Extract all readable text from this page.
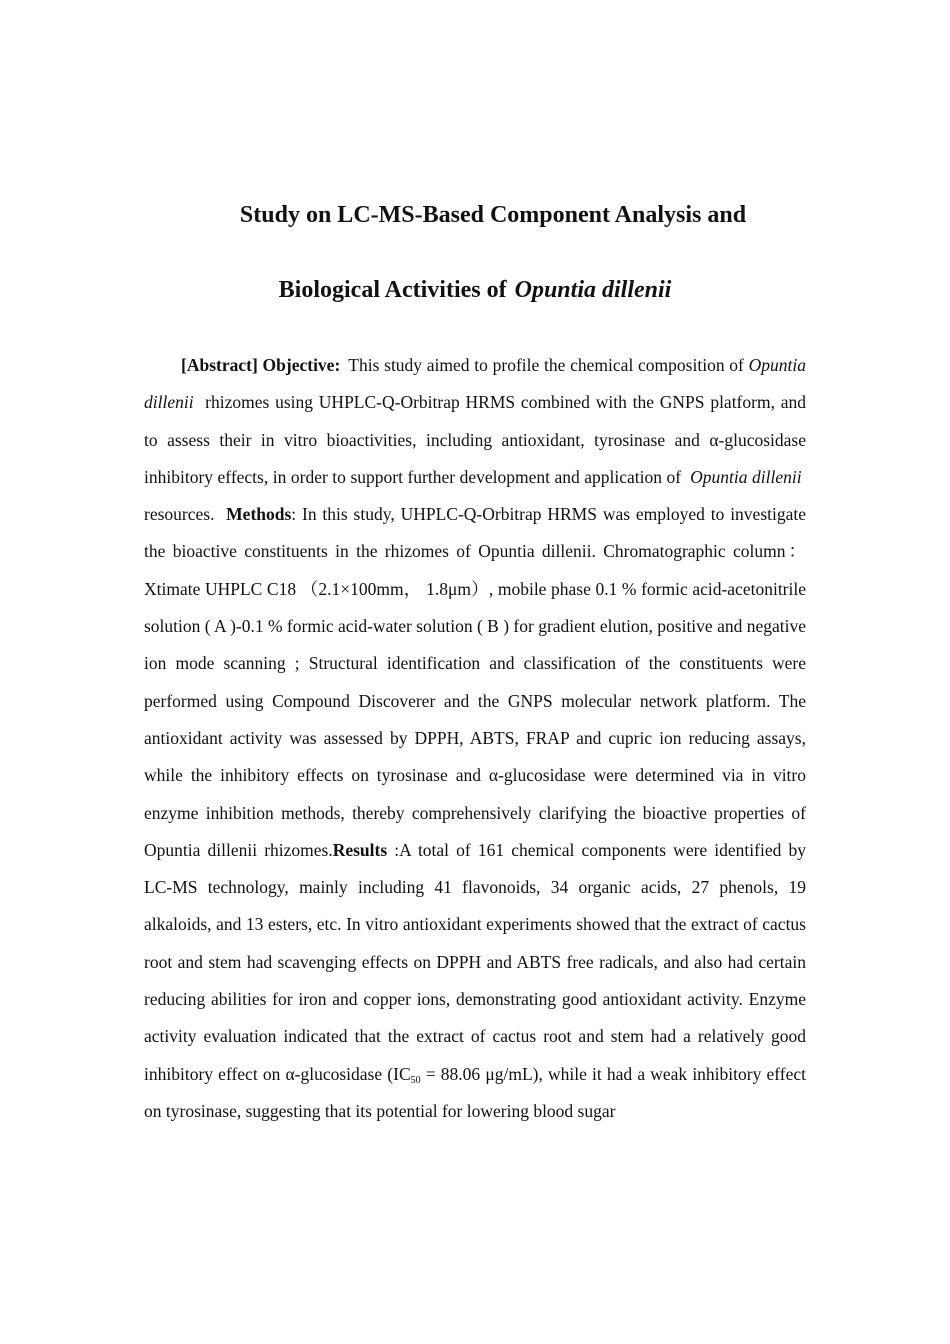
Study on LC-MS-Based Component Analysis and
Biological Activities of Opuntia dillenii

[Abstract] Objective: This study aimed to profile the chemical composition of Opuntia dillenii rhizomes using UHPLC-Q-Orbitrap HRMS combined with the GNPS platform, and to assess their in vitro bioactivities, including antioxidant, tyrosinase and α-glucosidase inhibitory effects, in order to support further development and application of Opuntia dillenii  resources. Methods: In this study, UHPLC-Q-Orbitrap HRMS was employed to investigate the bioactive constituents in the rhizomes of Opuntia dillenii. Chromatographic column： Xtimate UHPLC C18 （2.1×100mm， 1.8μm）, mobile phase 0.1 % formic acid-acetonitrile solution ( A )-0.1 % formic acid-water solution ( B ) for gradient elution, positive and negative ion mode scanning ; Structural identification and classification of the constituents were performed using Compound Discoverer and the GNPS molecular network platform. The antioxidant activity was assessed by DPPH, ABTS, FRAP and cupric ion reducing assays, while the inhibitory effects on tyrosinase and α-glucosidase were determined via in vitro enzyme inhibition methods, thereby comprehensively clarifying the bioactive properties of Opuntia dillenii rhizomes.Results :A total of 161 chemical components were identified by LC-MS technology, mainly including 41 flavonoids, 34 organic acids, 27 phenols, 19 alkaloids, and 13 esters, etc. In vitro antioxidant experiments showed that the extract of cactus root and stem had scavenging effects on DPPH and ABTS free radicals, and also had certain reducing abilities for iron and copper ions, demonstrating good antioxidant activity. Enzyme activity evaluation indicated that the extract of cactus root and stem had a relatively good inhibitory effect on α-glucosidase ($IC_{50} = 88.06$ μg/mL), while it had a weak inhibitory effect on tyrosinase, suggesting that its potential for lowering blood sugar
